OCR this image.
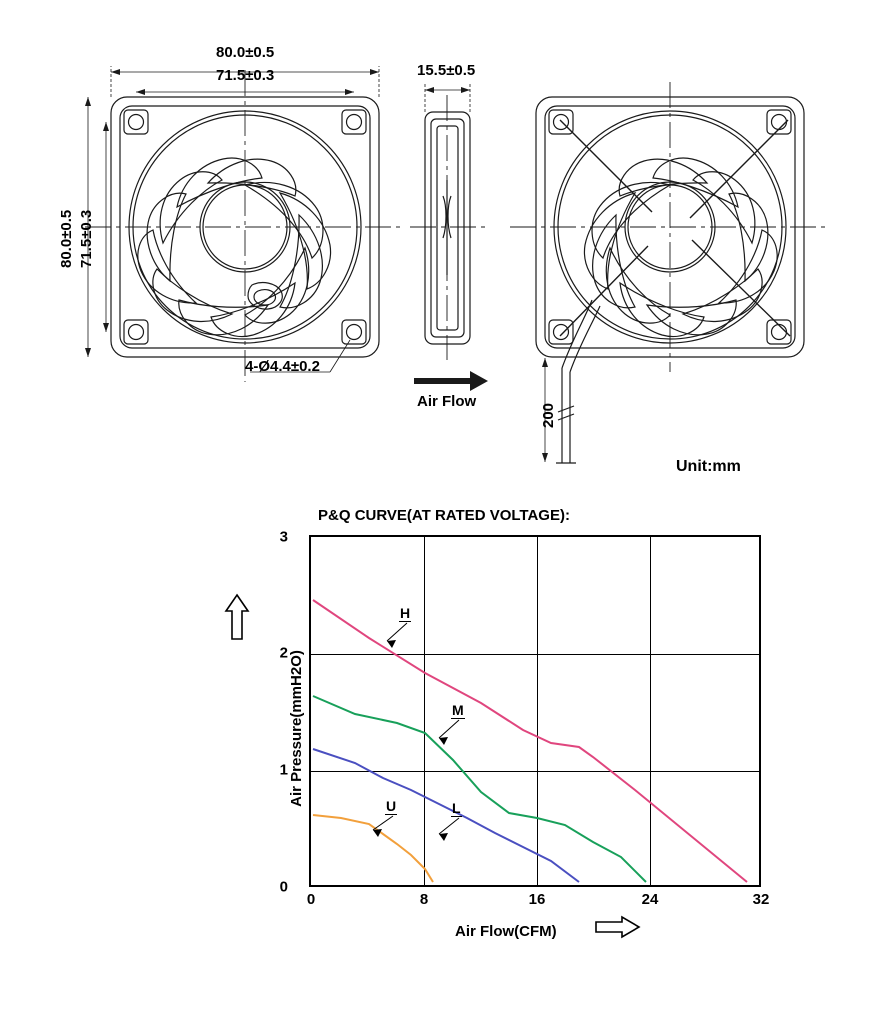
80.0±0.5
71.5±0.3
80.0±0.5 71.5±0.3
4-Ø4.4±0.2
15.5±0.5
Air Flow
200
Unit:mm
P&Q CURVE(AT RATED VOLTAGE):
H
M
L
U
0	8	16	24	32
0
1
2
3
Air Pressure(mmH2O)
Air Flow(CFM)
